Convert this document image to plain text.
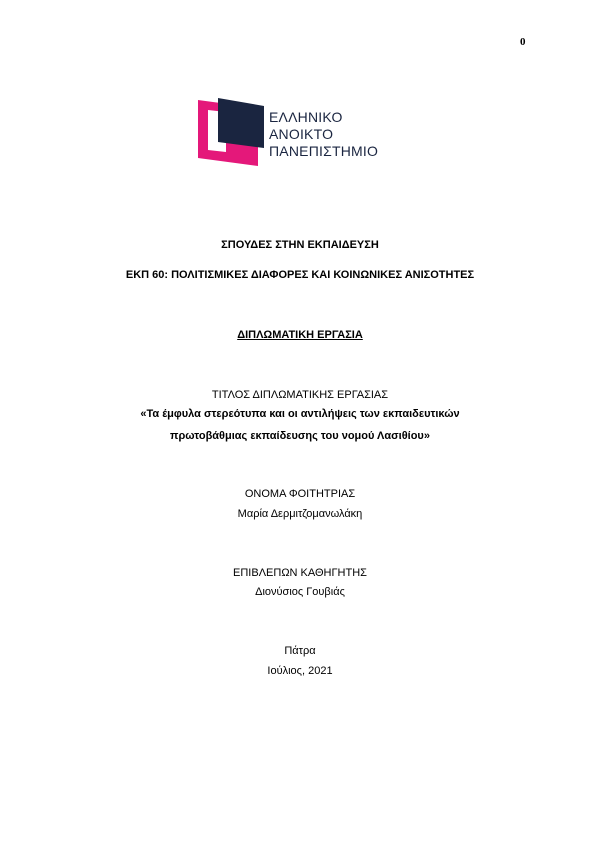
0
ΕΛΛΗΝΙΚΟ
ΑΝΟΙΚΤΟ
ΠΑΝΕΠΙΣΤΗΜΙΟ
ΣΠΟΥΔΕΣ ΣΤΗΝ ΕΚΠΑΙΔΕΥΣΗ
ΕΚΠ 60: ΠΟΛΙΤΙΣΜΙΚΕΣ ΔΙΑΦΟΡΕΣ ΚΑΙ ΚΟΙΝΩΝΙΚΕΣ ΑΝΙΣΟΤΗΤΕΣ
ΔΙΠΛΩΜΑΤΙΚΗ ΕΡΓΑΣΙΑ
ΤΙΤΛΟΣ ΔΙΠΛΩΜΑΤΙΚΗΣ ΕΡΓΑΣΙΑΣ
«Τα έμφυλα στερεότυπα και οι αντιλήψεις των εκπαιδευτικών
πρωτοβάθμιας εκπαίδευσης του νομού Λασιθίου»
ΟΝΟΜΑ ΦΟΙΤΗΤΡΙΑΣ
Μαρία Δερμιτζομανωλάκη
ΕΠΙΒΛΕΠΩΝ ΚΑΘΗΓΗΤΗΣ
Διονύσιος Γουβιάς
Πάτρα
Ιούλιος, 2021
